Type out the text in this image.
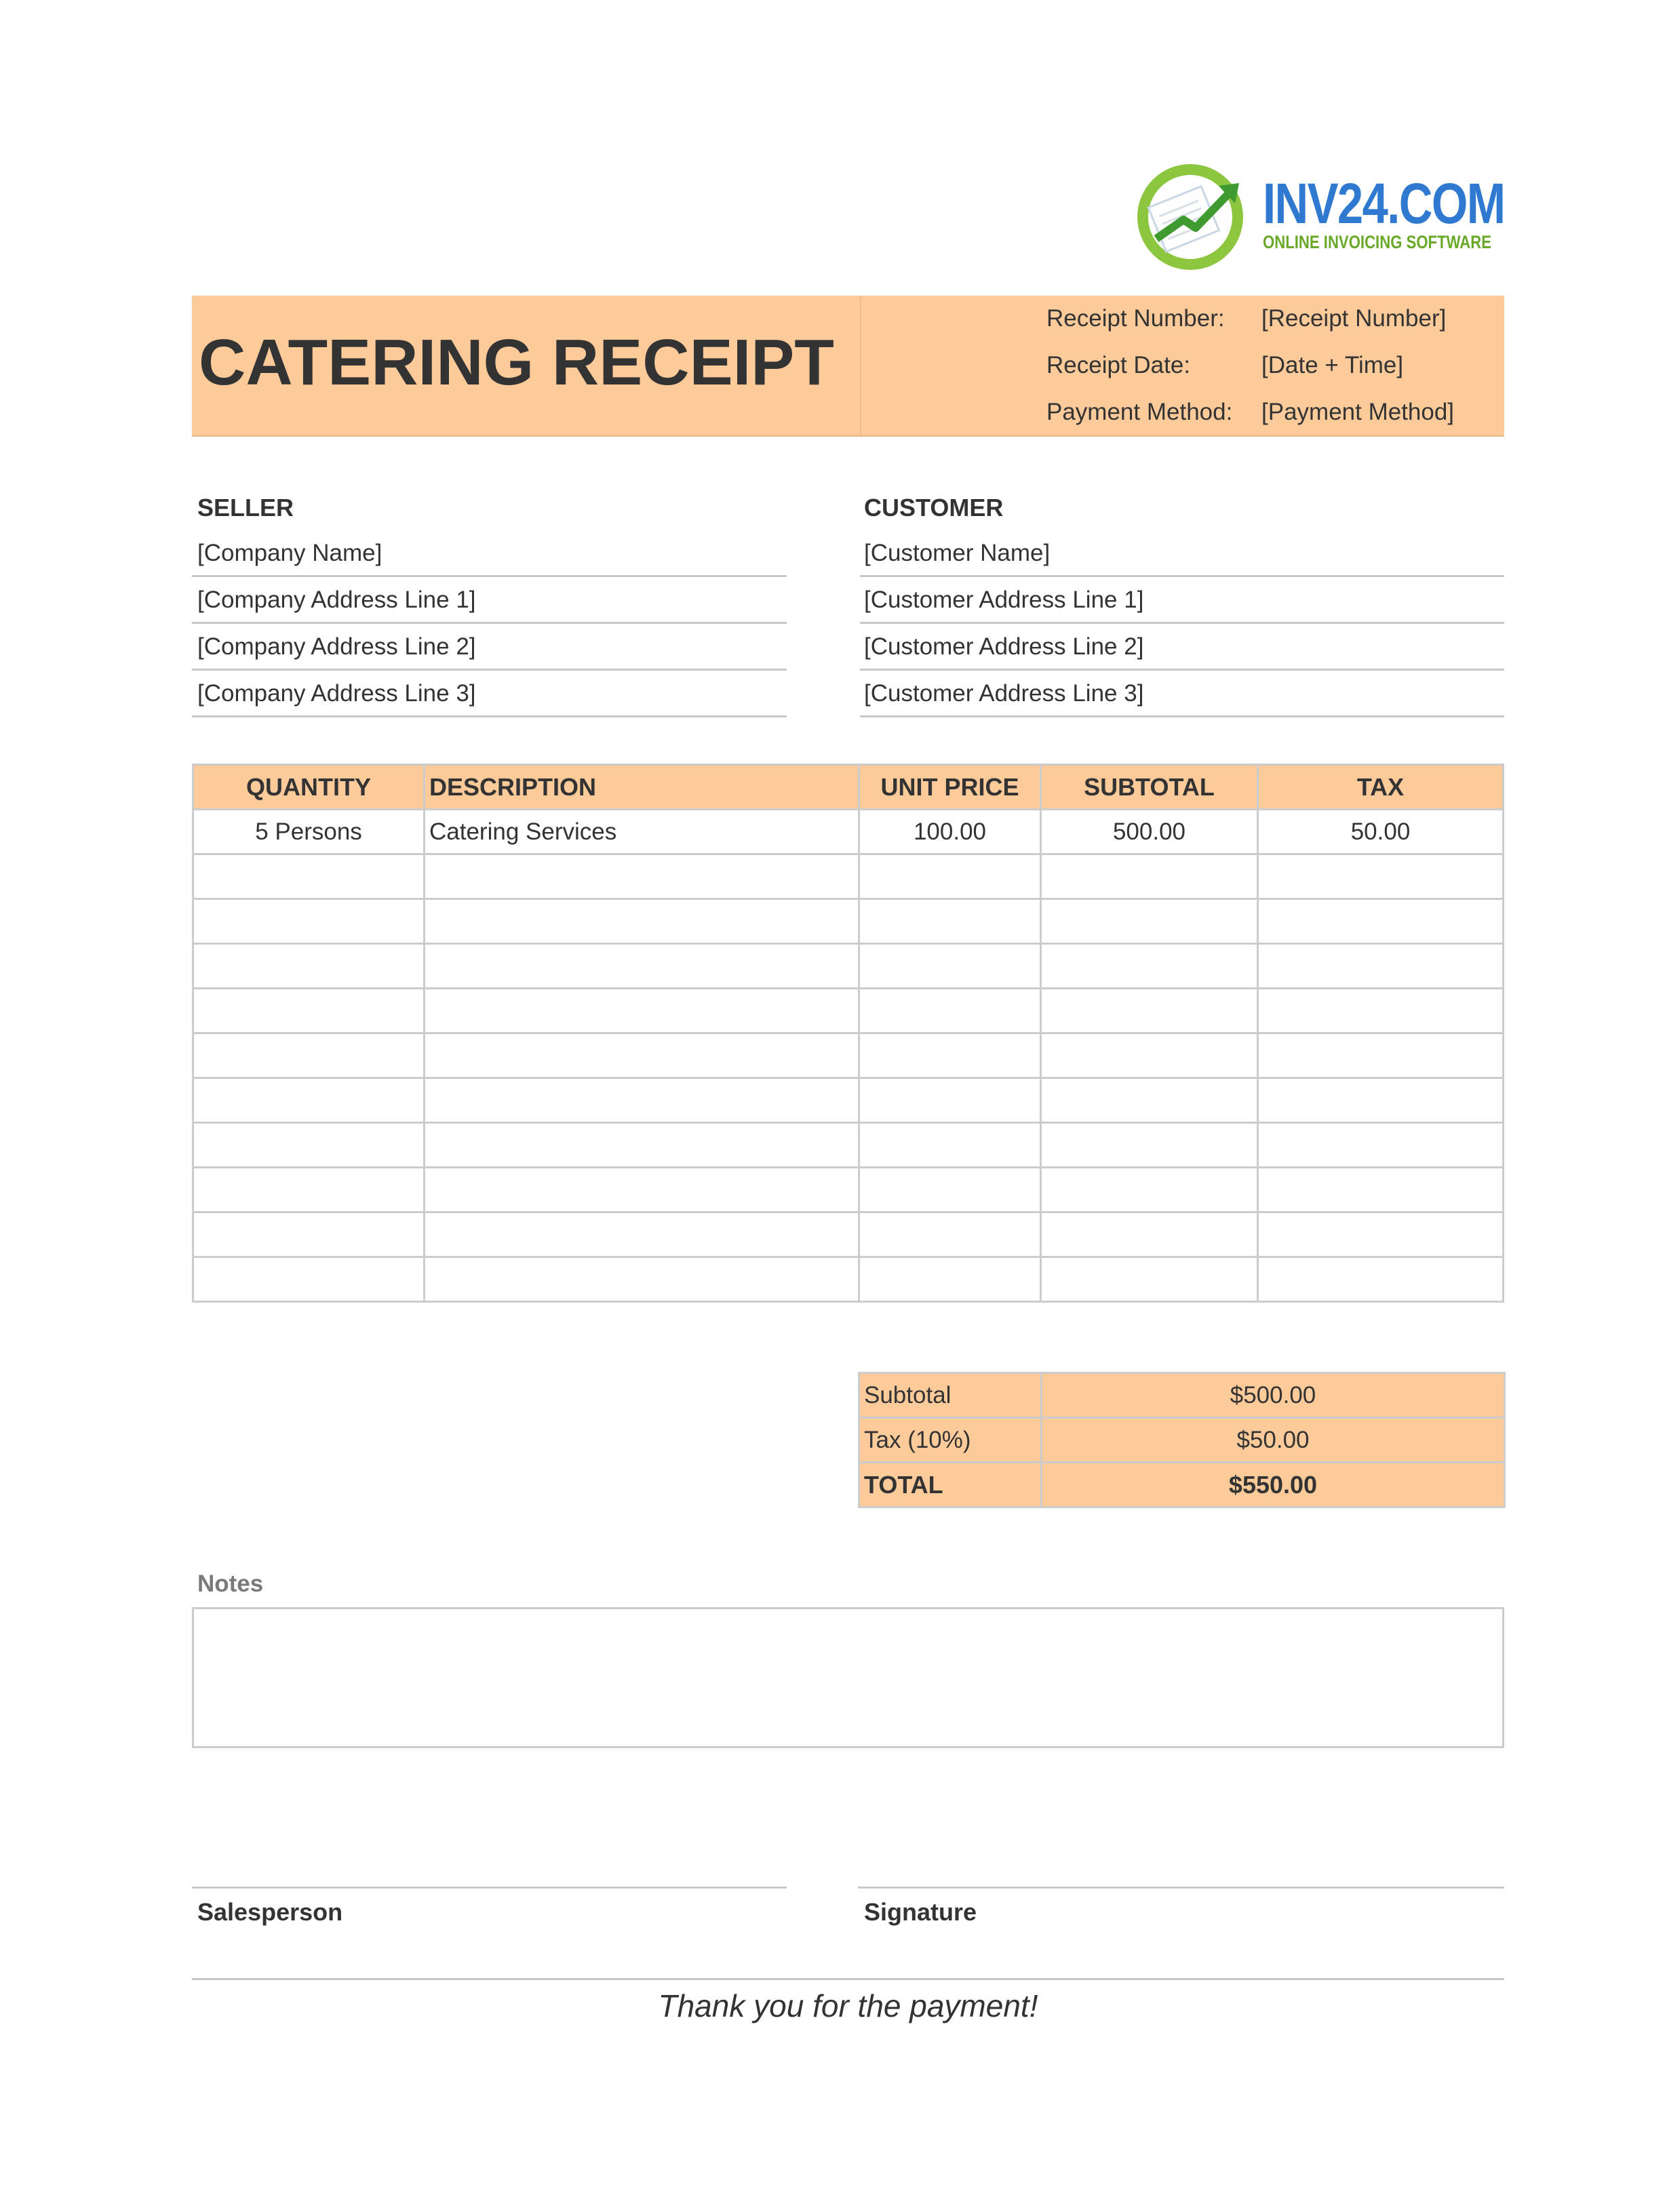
INV24.COM
ONLINE INVOICING SOFTWARE
CATERING RECEIPT
Receipt Number: [Receipt Number]
Receipt Date:	[Date + Time]
Payment Method: [Payment Method]
SELLER
[Company Name]
[Company Address Line 1]
[Company Address Line 2]
[Company Address Line 3]
CUSTOMER
[Customer Name]
[Customer Address Line 1]
[Customer Address Line 2]
[Customer Address Line 3]
QUANTITY	DESCRIPTION	UNIT PRICE	SUBTOTAL	TAX
5 Persons	Catering Services	100.00	500.00	50.00

Subtotal	$500.00
Tax (10%)	$50.00
TOTAL	$550.00
Notes
Salesperson	Signature
Thank you for the payment!
